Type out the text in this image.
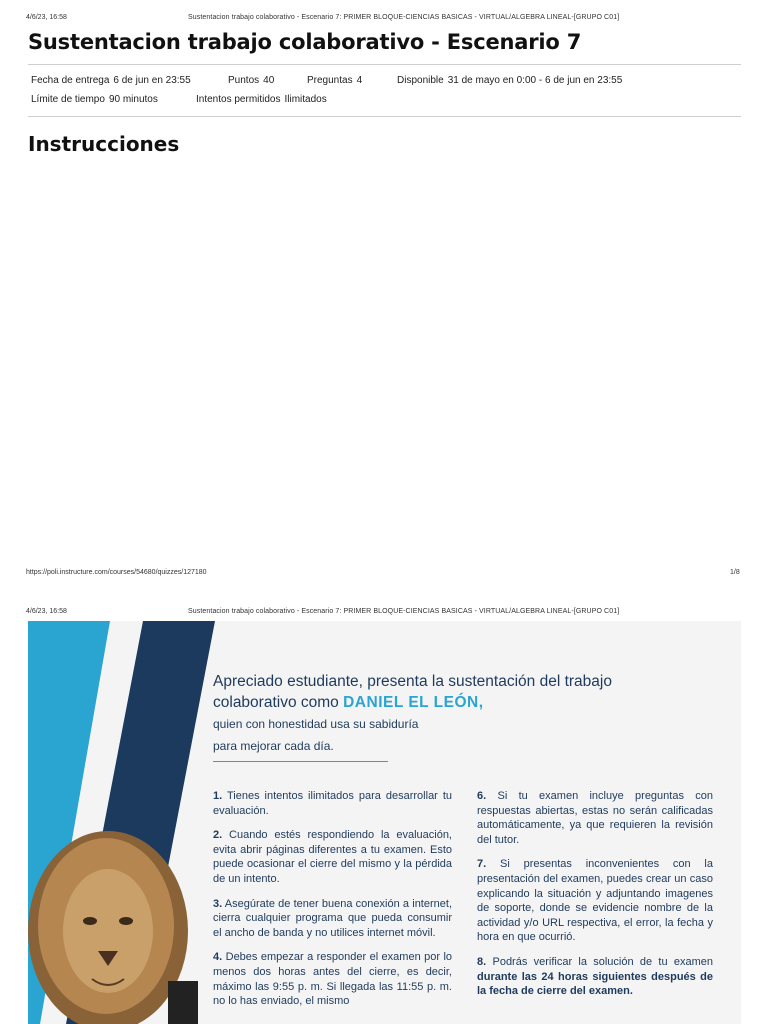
4/6/23, 16:58	Sustentacion trabajo colaborativo - Escenario 7: PRIMER BLOQUE-CIENCIAS BASICAS - VIRTUAL/ALGEBRA LINEAL-[GRUPO C01]
Sustentacion trabajo colaborativo - Escenario 7
Fecha de entrega 6 de jun en 23:55	Puntos 40	Preguntas 4	Disponible 31 de mayo en 0:00 - 6 de jun en 23:55
Límite de tiempo 90 minutos	Intentos permitidos Ilimitados
Instrucciones
https://poli.instructure.com/courses/54680/quizzes/127180	1/8
4/6/23, 16:58	Sustentacion trabajo colaborativo - Escenario 7: PRIMER BLOQUE-CIENCIAS BASICAS - VIRTUAL/ALGEBRA LINEAL-[GRUPO C01]
Apreciado estudiante, presenta la sustentación del trabajo colaborativo como DANIEL EL LEÓN,
quien con honestidad usa su sabiduría
para mejorar cada día.

1. Tienes intentos ilimitados para desarrollar tu evaluación.

2. Cuando estés respondiendo la evaluación, evita abrir páginas diferentes a tu examen. Esto puede ocasionar el cierre del mismo y la pérdida de un intento.

3. Asegúrate de tener buena conexión a internet, cierra cualquier programa que pueda consumir el ancho de banda y no utilices internet móvil.

4. Debes empezar a responder el examen por lo menos dos horas antes del cierre, es decir, máximo las 9:55 p. m. Si llegada las 11:55 p. m. no lo has enviado, el mismo

6. Si tu examen incluye preguntas con respuestas abiertas, estas no serán calificadas automáticamente, ya que requieren la revisión del tutor.

7. Si presentas inconvenientes con la presentación del examen, puedes crear un caso explicando la situación y adjuntando imagenes de soporte, donde se evidencie nombre de la actividad y/o URL respectiva, el error, la fecha y hora en que ocurrió.

8. Podrás verificar la solución de tu examen durante las 24 horas siguientes después de la fecha de cierre del examen.
